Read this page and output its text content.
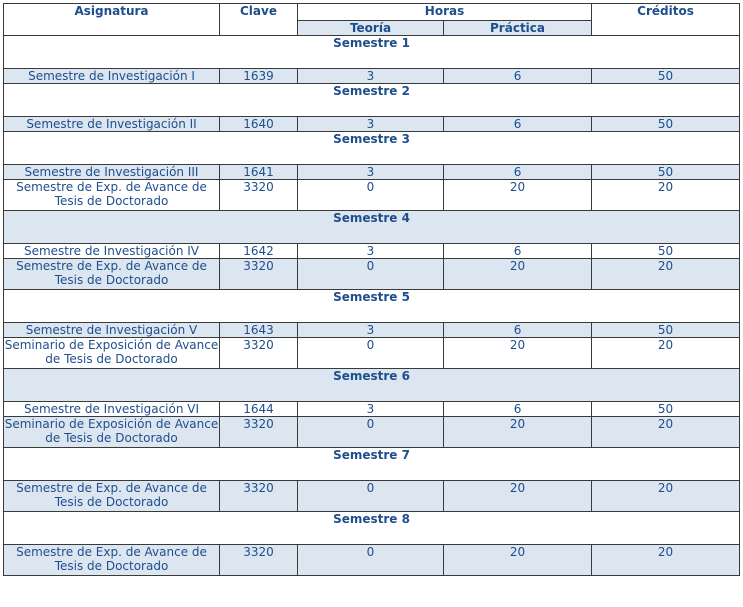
Asignatura	Clave	Horas		Créditos
		Teoría	Práctica	
Semestre 1				
Semestre de Investigación I	1639	3	6	50
Semestre 2				
Semestre de Investigación II	1640	3	6	50
Semestre 3				
Semestre de Investigación III	1641	3	6	50
Semestre de Exp. de Avance de Tesis de Doctorado	3320	0	20	20
Semestre 4				
Semestre de Investigación IV	1642	3	6	50
Semestre de Exp. de Avance de Tesis de Doctorado	3320	0	20	20
Semestre 5				
Semestre de Investigación V	1643	3	6	50
Seminario de Exposición de Avance de Tesis de Doctorado	3320	0	20	20
Semestre 6				
Semestre de Investigación VI	1644	3	6	50
Seminario de Exposición de Avance de Tesis de Doctorado	3320	0	20	20
Semestre 7				
Semestre de Exp. de Avance de Tesis de Doctorado	3320	0	20	20
Semestre 8				
Semestre de Exp. de Avance de Tesis de Doctorado	3320	0	20	20
